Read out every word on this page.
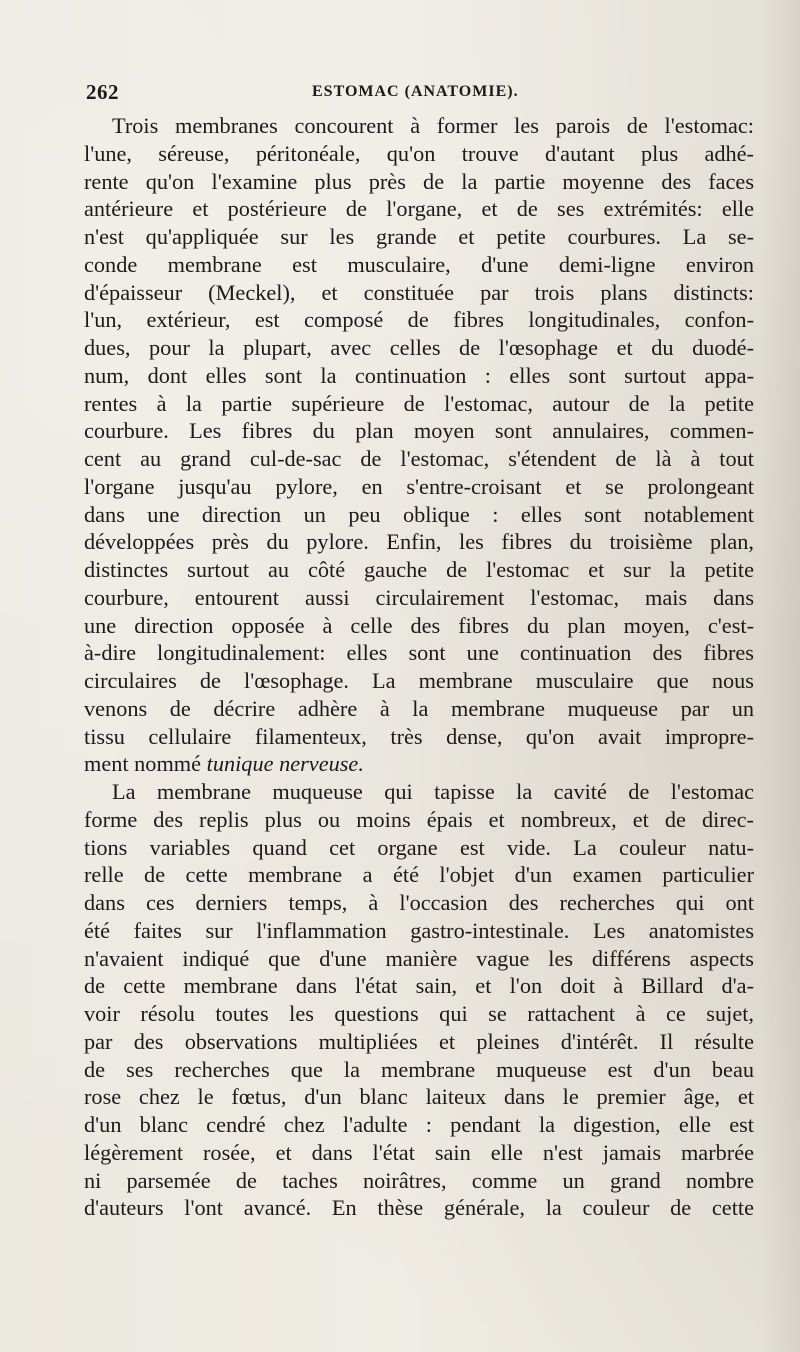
262	ESTOMAC (ANATOMIE).
Trois membranes concourent à former les parois de l'estomac:
l'une, séreuse, péritonéale, qu'on trouve d'autant plus adhé-
rente qu'on l'examine plus près de la partie moyenne des faces
antérieure et postérieure de l'organe, et de ses extrémités: elle
n'est qu'appliquée sur les grande et petite courbures. La se-
conde membrane est musculaire, d'une demi-ligne environ
d'épaisseur (Meckel), et constituée par trois plans distincts:
l'un, extérieur, est composé de fibres longitudinales, confon-
dues, pour la plupart, avec celles de l'œsophage et du duodé-
num, dont elles sont la continuation : elles sont surtout appa-
rentes à la partie supérieure de l'estomac, autour de la petite
courbure. Les fibres du plan moyen sont annulaires, commen-
cent au grand cul-de-sac de l'estomac, s'étendent de là à tout
l'organe jusqu'au pylore, en s'entre-croisant et se prolongeant
dans une direction un peu oblique : elles sont notablement
développées près du pylore. Enfin, les fibres du troisième plan,
distinctes surtout au côté gauche de l'estomac et sur la petite
courbure, entourent aussi circulairement l'estomac, mais dans
une direction opposée à celle des fibres du plan moyen, c'est-
à-dire longitudinalement: elles sont une continuation des fibres
circulaires de l'œsophage. La membrane musculaire que nous
venons de décrire adhère à la membrane muqueuse par un
tissu cellulaire filamenteux, très dense, qu'on avait impropre-
ment nommé tunique nerveuse.
La membrane muqueuse qui tapisse la cavité de l'estomac
forme des replis plus ou moins épais et nombreux, et de direc-
tions variables quand cet organe est vide. La couleur natu-
relle de cette membrane a été l'objet d'un examen particulier
dans ces derniers temps, à l'occasion des recherches qui ont
été faites sur l'inflammation gastro-intestinale. Les anatomistes
n'avaient indiqué que d'une manière vague les différens aspects
de cette membrane dans l'état sain, et l'on doit à Billard d'a-
voir résolu toutes les questions qui se rattachent à ce sujet,
par des observations multipliées et pleines d'intérêt. Il résulte
de ses recherches que la membrane muqueuse est d'un beau
rose chez le fœtus, d'un blanc laiteux dans le premier âge, et
d'un blanc cendré chez l'adulte : pendant la digestion, elle est
légèrement rosée, et dans l'état sain elle n'est jamais marbrée
ni parsemée de taches noirâtres, comme un grand nombre
d'auteurs l'ont avancé. En thèse générale, la couleur de cette
